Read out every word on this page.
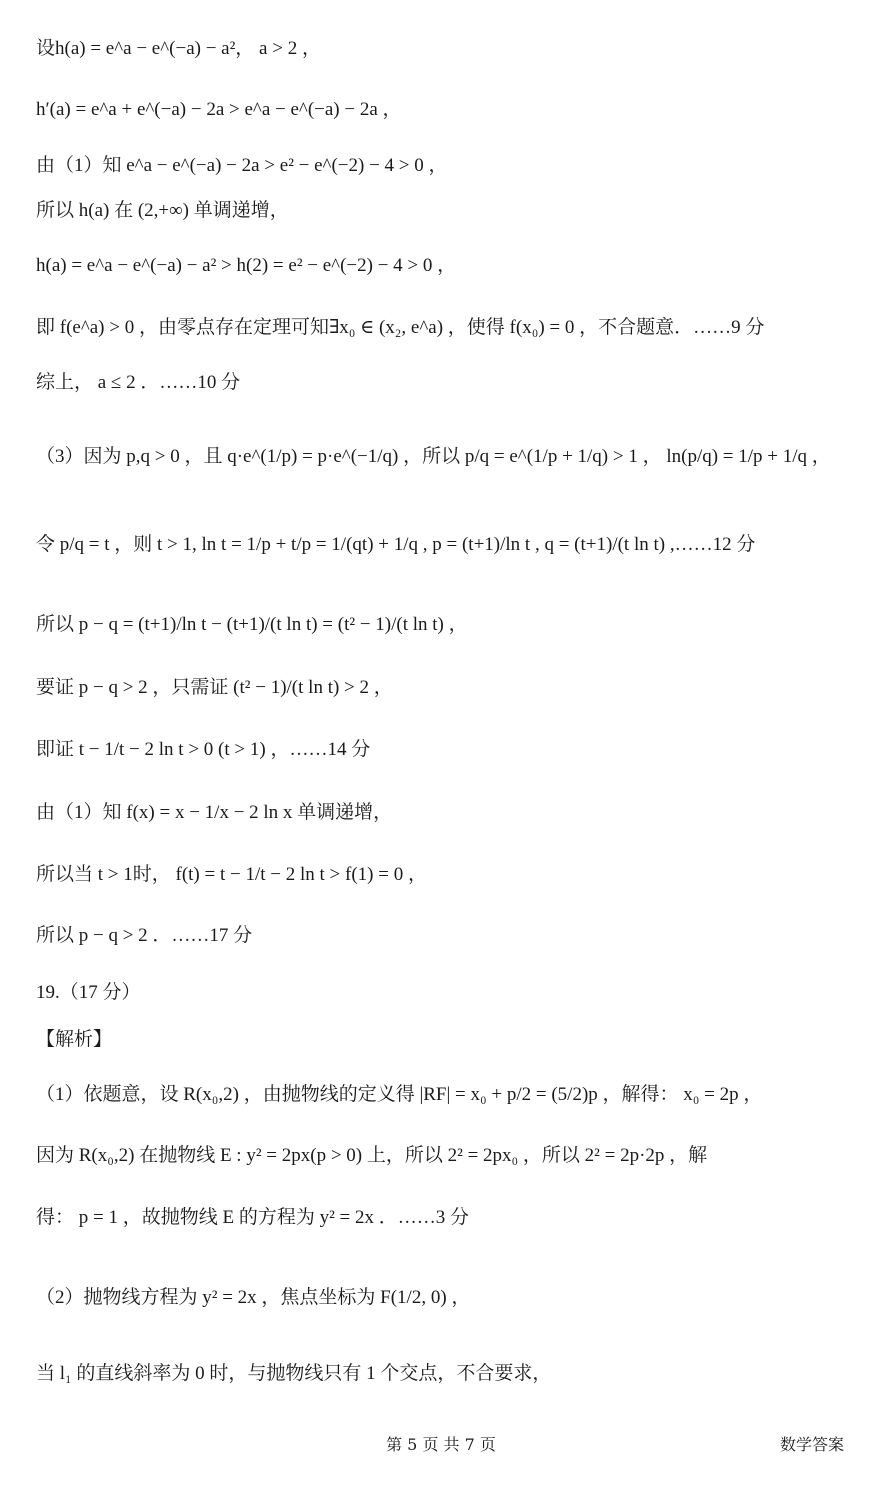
设h(a) = e^a − e^(−a) − a²， a > 2 ，
h′(a) = e^a + e^(−a) − 2a > e^a − e^(−a) − 2a ，
由（1）知 e^a − e^(−a) − 2a > e² − e^(−2) − 4 > 0 ，
所以 h(a) 在 (2,+∞) 单调递增，
h(a) = e^a − e^(−a) − a² > h(2) = e² − e^(−2) − 4 > 0 ，
即 f(e^a) > 0 ，由零点存在定理可知∃x₀ ∈ (x₂, e^a) ，使得 f(x₀) = 0 ，不合题意．……9 分
综上， a ≤ 2 ．……10 分
（3）因为 p,q > 0 ，且 q·e^(1/p) = p·e^(−1/q) ，所以 p/q = e^(1/p + 1/q) > 1 ， ln(p/q) = 1/p + 1/q ，
令 p/q = t ，则 t > 1, ln t = 1/p + t/p = 1/(qt) + 1/q , p = (t+1)/ln t , q = (t+1)/(t ln t) ,……12 分
所以 p − q = (t+1)/ln t − (t+1)/(t ln t) = (t² − 1)/(t ln t) ，
要证 p − q > 2 ，只需证 (t² − 1)/(t ln t) > 2 ，
即证 t − 1/t − 2 ln t > 0 (t > 1) ，……14 分
由（1）知 f(x) = x − 1/x − 2 ln x 单调递增，
所以当 t > 1时， f(t) = t − 1/t − 2 ln t > f(1) = 0 ，
所以 p − q > 2 ．……17 分
19.（17 分）
【解析】
（1）依题意，设 R(x₀,2) ，由抛物线的定义得 |RF| = x₀ + p/2 = (5/2)p ，解得： x₀ = 2p ，
因为 R(x₀,2) 在抛物线 E : y² = 2px(p > 0) 上，所以 2² = 2px₀ ，所以 2² = 2p·2p ，解
得： p = 1 ，故抛物线 E 的方程为 y² = 2x ．……3 分
（2）抛物线方程为 y² = 2x ，焦点坐标为 F(1/2, 0) ，
当 l₁ 的直线斜率为 0 时，与抛物线只有 1 个交点，不合要求，
第 5 页 共 7 页	数学答案
